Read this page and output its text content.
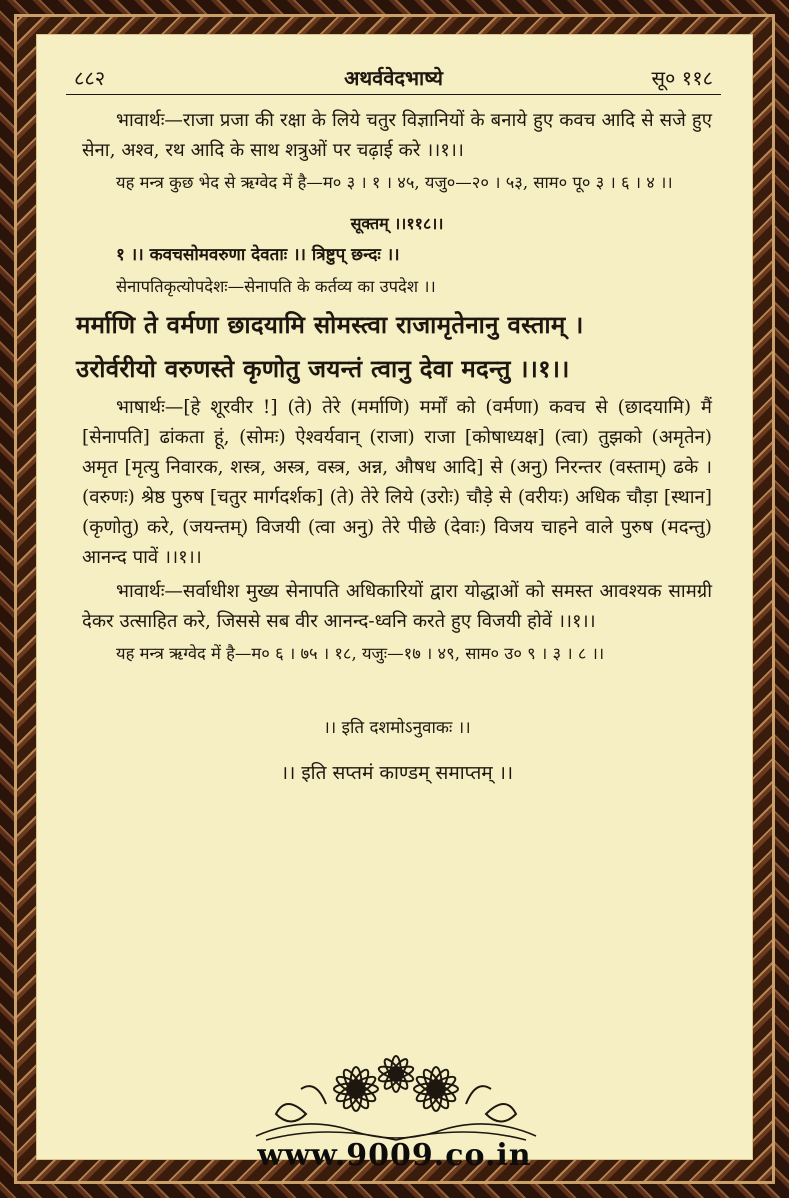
अथर्ववेदभाष्ये
८८२	सू० ११८

भावार्थः—राजा प्रजा की रक्षा के लिये चतुर विज्ञानियों के बनाये हुए कवच आदि से सजे हुए सेना, अश्व, रथ आदि के साथ शत्रुओं पर चढ़ाई करे ।।१।।

यह मन्त्र कुछ भेद से ऋग्वेद में है—म० ३ । १ । ४५, यजु०—२० । ५३, साम० पू० ३ । ६ । ४ ।।

सूक्तम् ।।११८।।

१ ।। कवचसोमवरुणा देवताः ।। त्रिष्टुप् छन्दः ।।

सेनापतिकृत्योपदेशः—सेनापति के कर्तव्य का उपदेश ।।

मर्माणि ते वर्मणा छादयामि सोमस्त्वा राजामृतेनानु वस्ताम् ।

उरोर्वरीयो वरुणस्ते कृणोतु जयन्तं त्वानु देवा मदन्तु ।।१।।

भाषार्थः—[हे शूरवीर !] (ते) तेरे (मर्माणि) मर्मों को (वर्मणा) कवच से (छादयामि) मैं [सेनापति] ढांकता हूं, (सोमः) ऐश्वर्यवान् (राजा) राजा [कोषाध्यक्ष] (त्वा) तुझको (अमृतेन) अमृत [मृत्यु निवारक, शस्त्र, अस्त्र, वस्त्र, अन्न, औषध आदि] से (अनु) निरन्तर (वस्ताम्) ढके । (वरुणः) श्रेष्ठ पुरुष [चतुर मार्गदर्शक] (ते) तेरे लिये (उरोः) चौड़े से (वरीयः) अधिक चौड़ा [स्थान] (कृणोतु) करे, (जयन्तम्) विजयी (त्वा अनु) तेरे पीछे (देवाः) विजय चाहने वाले पुरुष (मदन्तु) आनन्द पावें ।।१।।

भावार्थः—सर्वाधीश मुख्य सेनापति अधिकारियों द्वारा योद्धाओं को समस्त आवश्यक सामग्री देकर उत्साहित करे, जिससे सब वीर आनन्द-ध्वनि करते हुए विजयी होवें ।।१।।

यह मन्त्र ऋग्वेद में है—म० ६ । ७५ । १८, यजुः—१७ । ४९, साम० उ० ९ । ३ । ८ ।।

।। इति दशमोऽनुवाकः ।।

।। इति सप्तमं काण्डम् समाप्तम् ।।

www.9009.co.in
